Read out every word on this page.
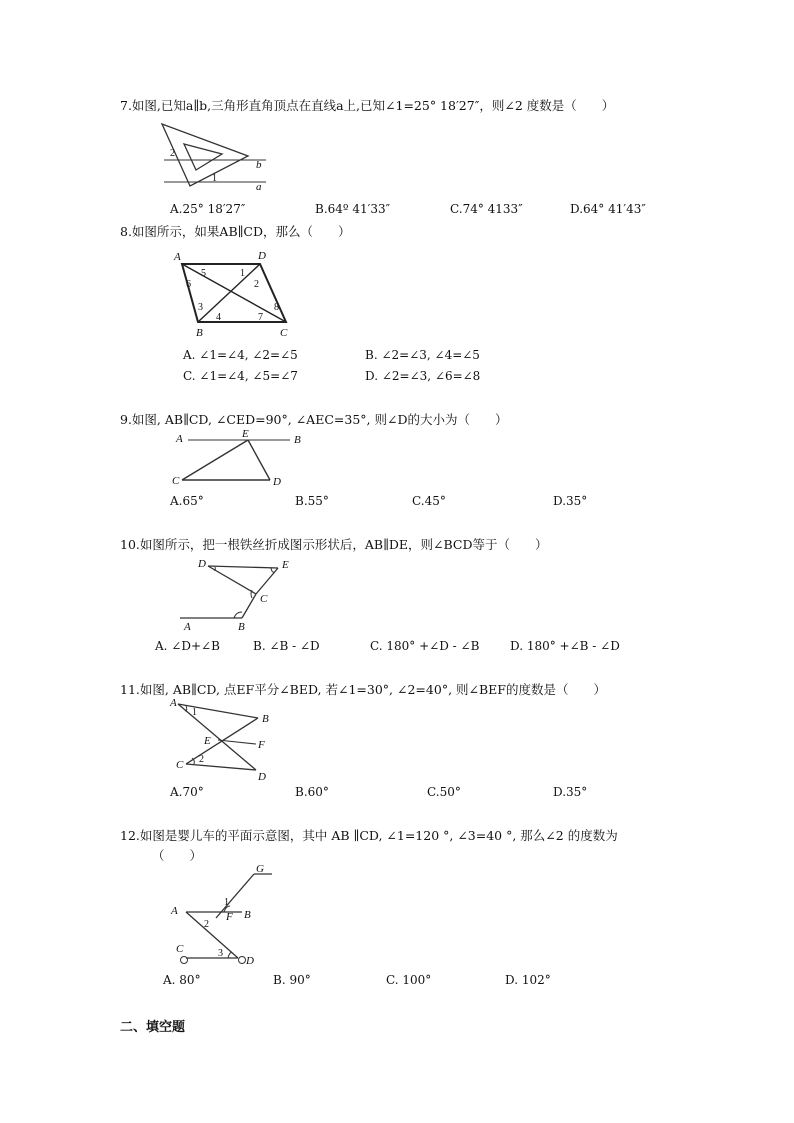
7.如图,已知a∥b,三角形直角顶点在直线a上,已知∠1=25° 18′27″，则∠2 度数是（　　）
2
1
b
a
A.25° 18′27″	B.64º 41′33″	C.74° 4133″	D.64° 41′43″
8.如图所示，如果AB∥CD，那么（　　）
A	D
B	C
5	1
6	2
3	8
4	7
A. ∠1=∠4, ∠2=∠5	B. ∠2=∠3, ∠4=∠5
C. ∠1=∠4, ∠5=∠7	D. ∠2=∠3, ∠6=∠8
9.如图, AB∥CD, ∠CED=90°, ∠AEC=35°, 则∠D的大小为（　　）
A	E	B
C	D
A.65°	B.55°	C.45°	D.35°
10.如图所示，把一根铁丝折成图示形状后，AB∥DE，则∠BCD等于（　　）
D	E
C
A	B
A. ∠D+∠B	B. ∠B - ∠D	C. 180° +∠D - ∠B	D. 180° +∠B - ∠D
11.如图, AB∥CD, 点EF平分∠BED, 若∠1=30°, ∠2=40°, 则∠BEF的度数是（　　）
A
1
B
E	F
C 2
D
A.70°	B.60°	C.50°	D.35°
12.如图是婴儿车的平面示意图，其中 AB ∥CD, ∠1=120 °, ∠3=40 °, 那么∠2 的度数为
（　　）
G
1
A	F B
2
C	3
D
A. 80°	B. 90°	C. 100°	D. 102°
二、填空题
